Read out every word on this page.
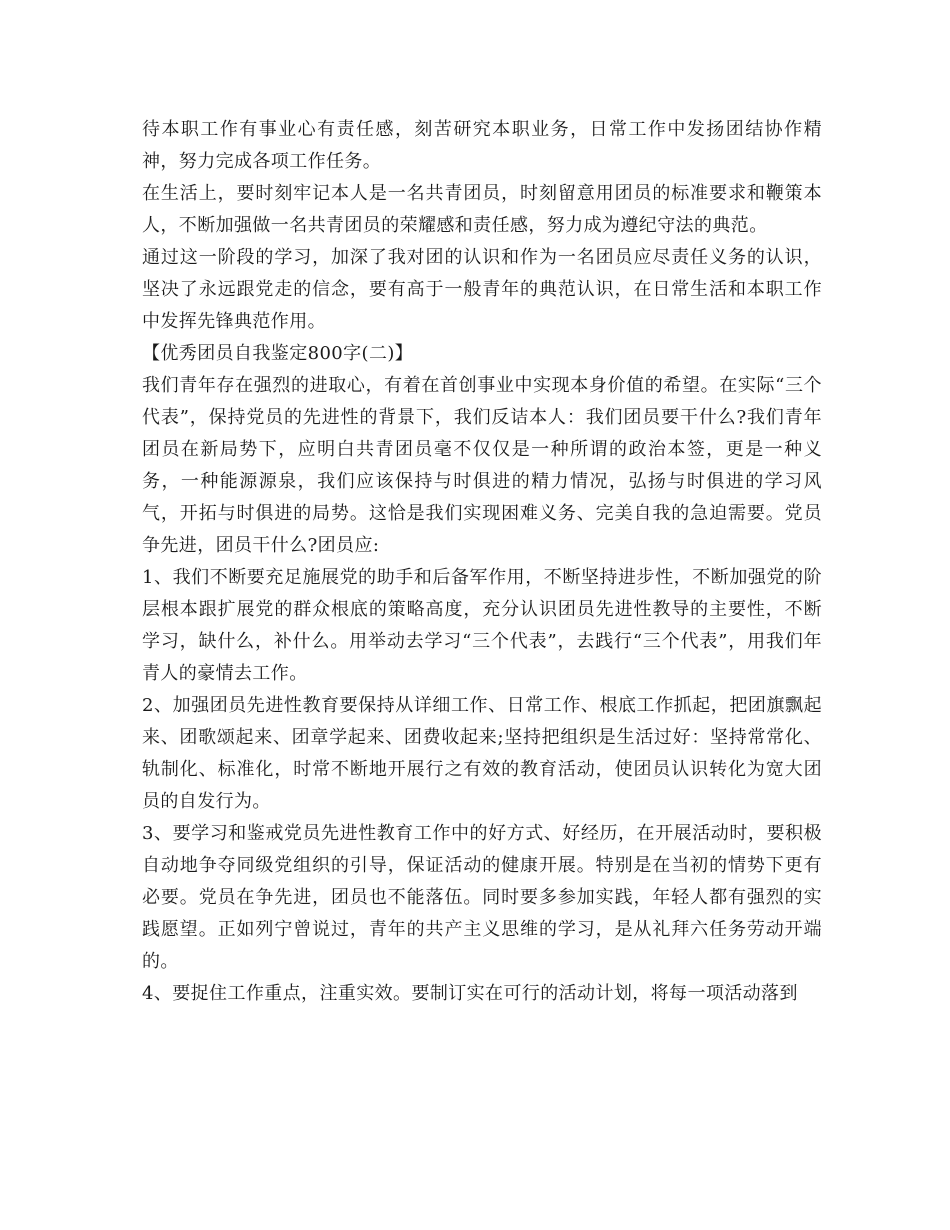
待本职工作有事业心有责任感，刻苦研究本职业务，日常工作中发扬团结协作精神，努力完成各项工作任务。

在生活上，要时刻牢记本人是一名共青团员，时刻留意用团员的标准要求和鞭策本人，不断加强做一名共青团员的荣耀感和责任感，努力成为遵纪守法的典范。

通过这一阶段的学习，加深了我对团的认识和作为一名团员应尽责任义务的认识，坚决了永远跟党走的信念，要有高于一般青年的典范认识，在日常生活和本职工作中发挥先锋典范作用。

【优秀团员自我鉴定800字(二)】

我们青年存在强烈的进取心，有着在首创事业中实现本身价值的希望。在实际“三个代表”，保持党员的先进性的背景下，我们反诘本人：我们团员要干什么?我们青年团员在新局势下，应明白共青团员毫不仅仅是一种所谓的政治本签，更是一种义务，一种能源源泉，我们应该保持与时俱进的精力情况，弘扬与时俱进的学习风气，开拓与时俱进的局势。这恰是我们实现困难义务、完美自我的急迫需要。党员争先进，团员干什么?团员应:

1、我们不断要充足施展党的助手和后备军作用，不断坚持进步性，不断加强党的阶层根本跟扩展党的群众根底的策略高度，充分认识团员先进性教导的主要性，不断学习，缺什么，补什么。用举动去学习“三个代表”，去践行“三个代表”，用我们年青人的豪情去工作。

2、加强团员先进性教育要保持从详细工作、日常工作、根底工作抓起，把团旗飘起来、团歌颂起来、团章学起来、团费收起来;坚持把组织是生活过好：坚持常常化、轨制化、标准化，时常不断地开展行之有效的教育活动，使团员认识转化为宽大团员的自发行为。

3、要学习和鉴戒党员先进性教育工作中的好方式、好经历，在开展活动时，要积极自动地争夺同级党组织的引导，保证活动的健康开展。特别是在当初的情势下更有必要。党员在争先进，团员也不能落伍。同时要多参加实践，年轻人都有强烈的实践愿望。正如列宁曾说过，青年的共产主义思维的学习，是从礼拜六任务劳动开端的。

4、要捉住工作重点，注重实效。要制订实在可行的活动计划，将每一项活动落到
